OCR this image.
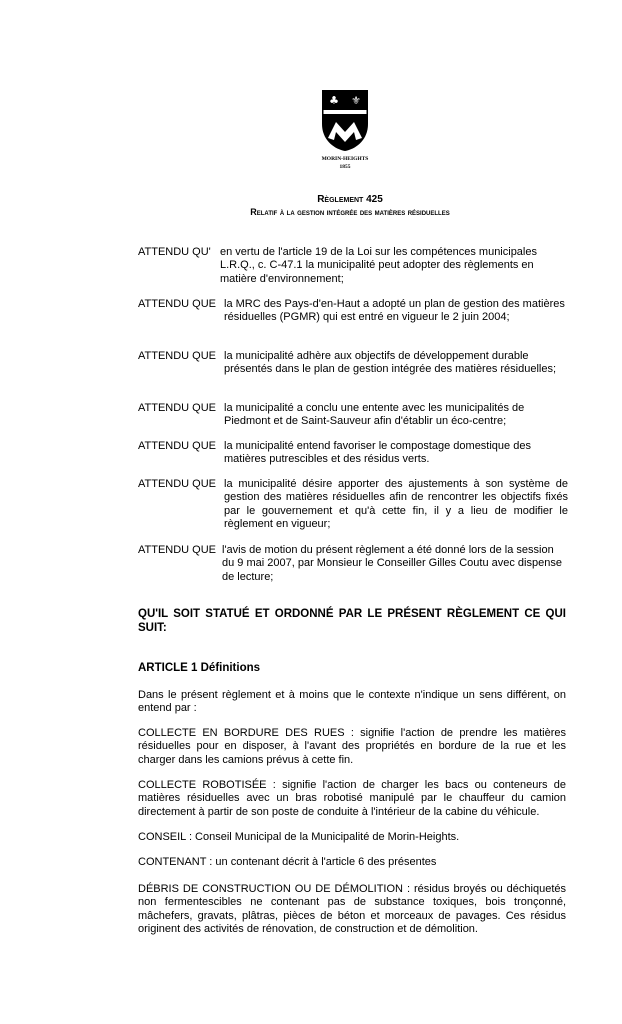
♣ ⚜
MORIN-HEIGHTS
1855
Règlement 425
Relatif à la gestion intégrée des matières résiduelles
ATTENDU QU' en vertu de l'article 19 de la Loi sur les compétences municipales L.R.Q., c. C-47.1 la municipalité peut adopter des règlements en matière d'environnement;
ATTENDU QUE la MRC des Pays-d'en-Haut a adopté un plan de gestion des matières résiduelles (PGMR) qui est entré en vigueur le 2 juin 2004;
ATTENDU QUE la municipalité adhère aux objectifs de développement durable présentés dans le plan de gestion intégrée des matières résiduelles;
ATTENDU QUE la municipalité a conclu une entente avec les municipalités de Piedmont et de Saint-Sauveur afin d'établir un éco-centre;
ATTENDU QUE la municipalité entend favoriser le compostage domestique des matières putrescibles et des résidus verts.
ATTENDU QUE la municipalité désire apporter des ajustements à son système de gestion des matières résiduelles afin de rencontrer les objectifs fixés par le gouvernement et qu'à cette fin, il y a lieu de modifier le règlement en vigueur;
ATTENDU QUE l'avis de motion du présent règlement a été donné lors de la session du 9 mai 2007, par Monsieur le Conseiller Gilles Coutu avec dispense de lecture;
QU'IL SOIT STATUÉ ET ORDONNÉ PAR LE PRÉSENT RÈGLEMENT CE QUI SUIT:
ARTICLE 1 Définitions
Dans le présent règlement et à moins que le contexte n'indique un sens différent, on entend par :
COLLECTE EN BORDURE DES RUES : signifie l'action de prendre les matières résiduelles pour en disposer, à l'avant des propriétés en bordure de la rue et les charger dans les camions prévus à cette fin.
COLLECTE ROBOTISÉE : signifie l'action de charger les bacs ou conteneurs de matières résiduelles avec un bras robotisé manipulé par le chauffeur du camion directement à partir de son poste de conduite à l'intérieur de la cabine du véhicule.
CONSEIL : Conseil Municipal de la Municipalité de Morin-Heights.
CONTENANT : un contenant décrit à l'article 6 des présentes
DÉBRIS DE CONSTRUCTION OU DE DÉMOLITION : résidus broyés ou déchiquetés non fermentescibles ne contenant pas de substance toxiques, bois tronçonné, mâchefers, gravats, plâtras, pièces de béton et morceaux de pavages. Ces résidus originent des activités de rénovation, de construction et de démolition.
